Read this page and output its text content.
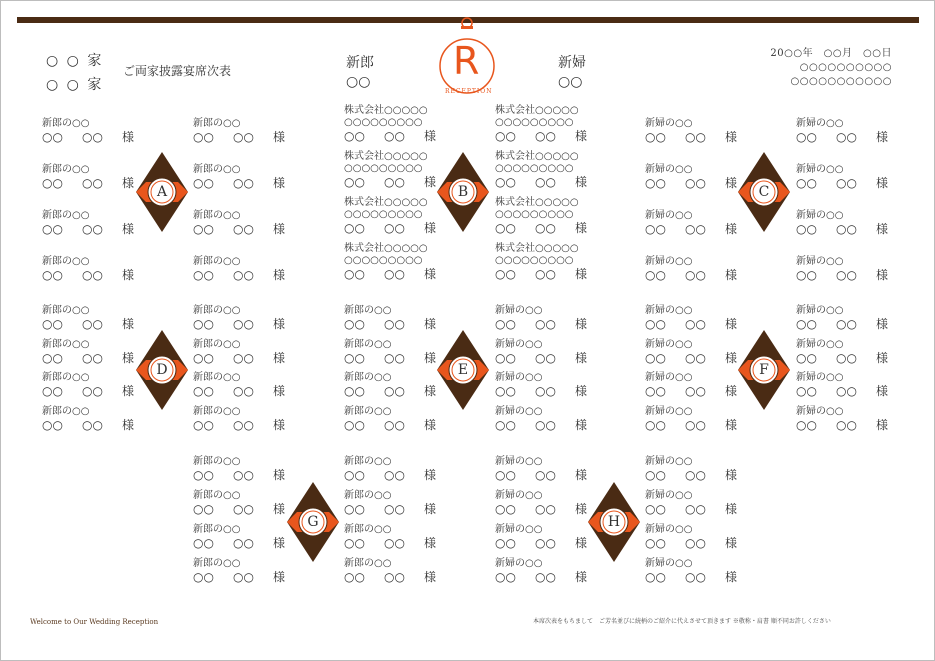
○ ○ 家
○ ○ 家
ご両家披露宴席次表	新郎
○○
新婦
○○
R
RECEPTION
20○○年　○○月　○○日
○○○○○○○○○○
○○○○○○○○○○○
A
新郎の○○
○○	○○	様
新郎の○○
○○	○○	様
新郎の○○
○○	○○	様
新郎の○○
○○	○○	様
新郎の○○
○○	○○	様
新郎の○○
○○	○○	様
新郎の○○
○○	○○	様
新郎の○○
○○	○○	様
B
株式会社○○○○○
○○○○○○○○○
○○	○○	様
株式会社○○○○○
○○○○○○○○○
○○	○○	様
株式会社○○○○○
○○○○○○○○○
○○	○○	様
株式会社○○○○○
○○○○○○○○○
○○	○○	様
株式会社○○○○○
○○○○○○○○○
○○	○○	様
株式会社○○○○○
○○○○○○○○○
○○	○○	様
株式会社○○○○○
○○○○○○○○○
○○	○○	様
株式会社○○○○○
○○○○○○○○○
○○	○○	様
C
新婦の○○
○○	○○	様
新婦の○○
○○	○○	様
新婦の○○
○○	○○	様
新婦の○○
○○	○○	様
新婦の○○
○○	○○	様
新婦の○○
○○	○○	様
新婦の○○
○○	○○	様
新婦の○○
○○	○○	様
D
新郎の○○
○○	○○	様
新郎の○○
○○	○○	様
新郎の○○
○○	○○	様
新郎の○○
○○	○○	様
新郎の○○
○○	○○	様
新郎の○○
○○	○○	様
新郎の○○
○○	○○	様
新郎の○○
○○	○○	様
E
新郎の○○
○○	○○	様
新郎の○○
○○	○○	様
新郎の○○
○○	○○	様
新郎の○○
○○	○○	様
新婦の○○
○○	○○	様
新婦の○○
○○	○○	様
新婦の○○
○○	○○	様
新婦の○○
○○	○○	様
F
新婦の○○
○○	○○	様
新婦の○○
○○	○○	様
新婦の○○
○○	○○	様
新婦の○○
○○	○○	様
新婦の○○
○○	○○	様
新婦の○○
○○	○○	様
新婦の○○
○○	○○	様
新婦の○○
○○	○○	様
G
新郎の○○
○○	○○	様
新郎の○○
○○	○○	様
新郎の○○
○○	○○	様
新郎の○○
○○	○○	様
新郎の○○
○○	○○	様
新郎の○○
○○	○○	様
新郎の○○
○○	○○	様
新郎の○○
○○	○○	様
H
新婦の○○
○○	○○	様
新婦の○○
○○	○○	様
新婦の○○
○○	○○	様
新婦の○○
○○	○○	様
新婦の○○
○○	○○	様
新婦の○○
○○	○○	様
新婦の○○
○○	○○	様
新婦の○○
○○	○○	様
Welcome to Our Wedding Reception	本席次表をもちまして　ご芳名並びに続柄のご紹介に代えさせて頂きます ※敬称・肩書 順不同お許しください
